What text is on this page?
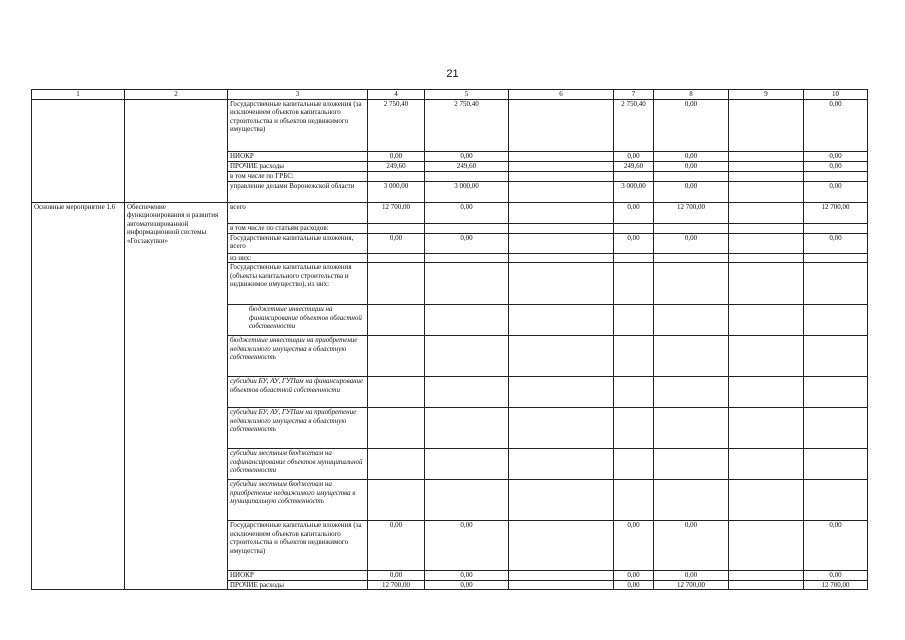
21
1	2	3	4	5	6	7	8	9	10
		Государственные капитальные вложения (за исключением объектов капитального строительства и объектов недвижимого имущества)	2 750,40	2 750,40		2 750,40	0,00		0,00
		НИОКР	0,00	0,00		0,00	0,00		0,00
		ПРОЧИЕ расходы	249,60	249,60		249,60	0,00		0,00
		в том числе по ГРБС:							
		управление делами Воронежской области	3 000,00	3 000,00		3 000,00	0,00		0,00
Основные мероприятие 1.6	Обеспечение функционирования и развития автоматизированной информационной системы «Госзакупки»	всего	12 700,00	0,00		0,00	12 700,00		12 700,00
		в том числе по статьям расходов:							
		Государственные капитальные вложения, всего	0,00	0,00		0,00	0,00		0,00
		из них:							
		Государственные капитальные вложения (объекты капитального строительства и недвижимое имущество), из них:							
		бюджетные инвестиции на финансирование объектов областной собственности							
		бюджетные инвестиции на приобретение недвижимого имущества в областную собственность							
		субсидии БУ, АУ, ГУПам на финансирование объектов областной собственности							
		субсидии БУ, АУ, ГУПам на приобретение недвижимого имущества в областную собственность							
		субсидии местным бюджетам на софинансирование объектов муниципальной собственности							
		субсидии местным бюджетам на приобретение недвижимого имущества в муниципальную собственность							
		Государственные капитальные вложения (за исключением объектов капитального строительства и объектов недвижимого имущества)	0,00	0,00		0,00	0,00		0,00
		НИОКР	0,00	0,00		0,00	0,00		0,00
		ПРОЧИЕ расходы	12 700,00	0,00		0,00	12 700,00		12 700,00
